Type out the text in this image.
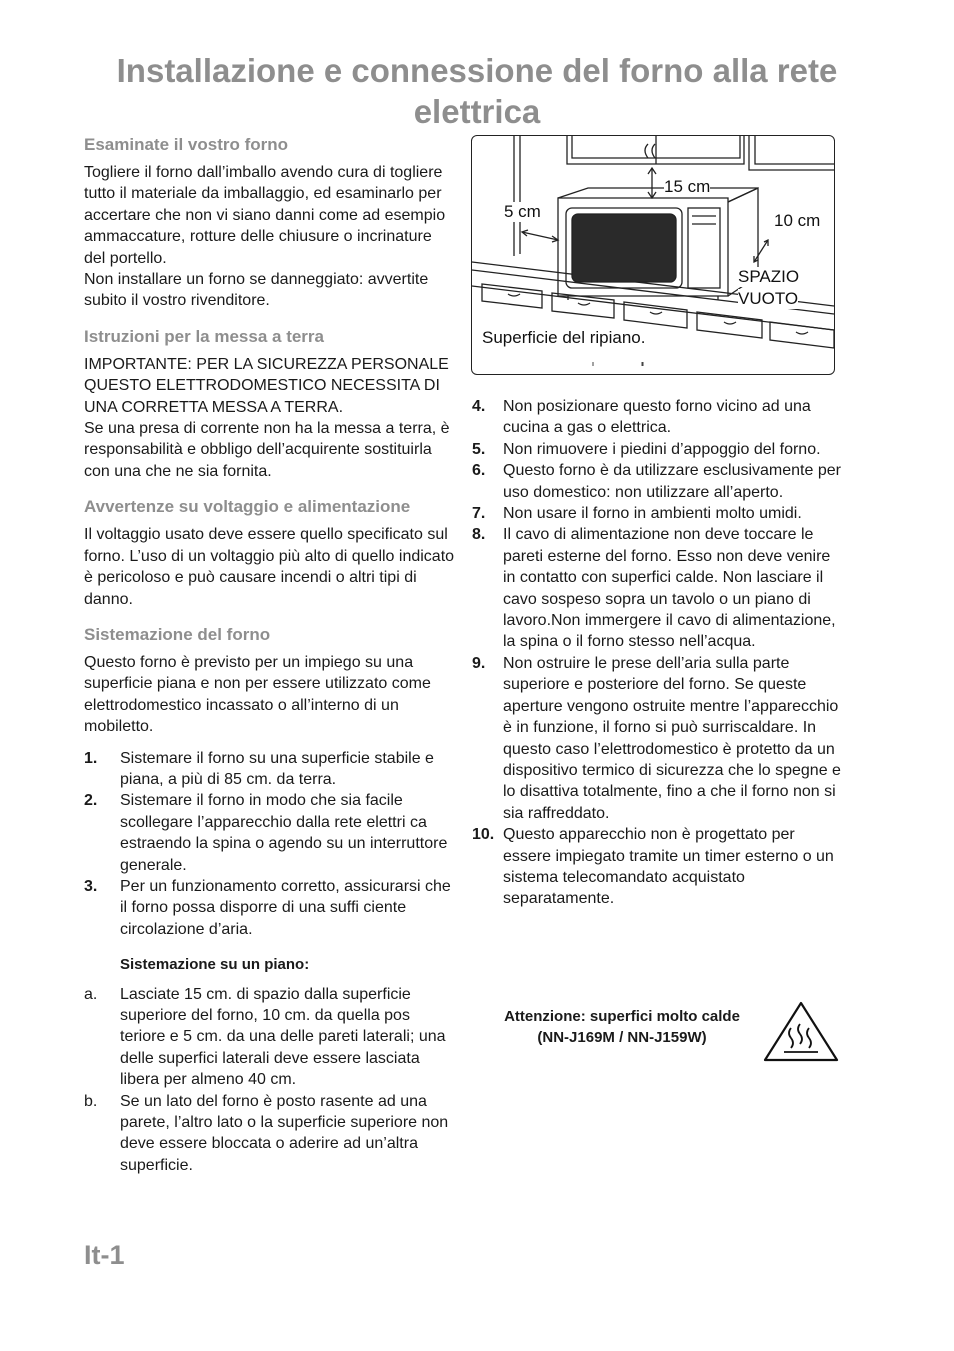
Installazione e connessione del forno alla rete elettrica
Esaminate il vostro forno

Togliere il forno dall’imballo avendo cura di togliere tutto il materiale da imballaggio, ed esaminarlo per accertare che non vi siano danni come ad esempio ammaccature, rotture delle chiusure o incrinature del portello.

Non installare un forno se danneggiato: avvertite subito il vostro rivenditore.

Istruzioni per la messa a terra

IMPORTANTE: PER LA SICUREZZA PERSONALE QUESTO ELETTRODOMESTICO NECESSITA DI UNA CORRETTA MESSA A TERRA.

Se una presa di corrente non ha la messa a terra, è responsabilità e obbligo dell’acquirente sostituirla con una che ne sia fornita.

Avvertenze su voltaggio e alimentazione

Il voltaggio usato deve essere quello specificato sul forno. L’uso di un voltaggio più alto di quello indicato è pericoloso e può causare incendi o altri tipi di danno.

Sistemazione del forno

Questo forno è previsto per un impiego su una superficie piana e non per essere utilizzato come elettrodomestico incassato o all’interno di un mobiletto.

1.	Sistemare il forno su una superficie stabile e piana, a più di 85 cm. da terra.
2.	Sistemare il forno in modo che sia facile scollegare l’apparecchio dalla rete elettri ca estraendo la spina o agendo su un interruttore generale.
3.	Per un funzionamento corretto, assicurarsi che il forno possa disporre di una suffi ciente circolazione d’aria.
Sistemazione su un piano:
a.	Lasciate 15 cm. di spazio dalla superficie superiore del forno, 10 cm. da quella pos teriore e 5 cm. da una delle pareti laterali; una delle superfici laterali deve essere lasciata libera per almeno 40 cm.
b.	Se un lato del forno è posto rasente ad una parete, l’altro lato o la superficie superiore non deve essere bloccata o aderire ad un’altra superficie.
15 cm
5 cm	10 cm
SPAZIO
VUOTO
Superficie del ripiano.
4.	Non posizionare questo forno vicino ad una cucina a gas o elettrica.
5.	Non rimuovere i piedini d’appoggio del forno.
6.	Questo forno è da utilizzare esclusivamente per uso domestico: non utilizzare all’aperto.
7.	Non usare il forno in ambienti molto umidi.
8.	Il cavo di alimentazione non deve toccare le pareti esterne del forno. Esso non deve venire in contatto con superfici calde. Non lasciare il cavo sospeso sopra un tavolo o un piano di lavoro.Non immergere il cavo di alimentazione, la spina o il forno stesso nell’acqua.
9.	Non ostruire le prese dell’aria sulla parte superiore e posteriore del forno. Se queste aperture vengono ostruite mentre l’apparecchio è in funzione, il forno si può surriscaldare. In questo caso l’elettrodomestico è protetto da un dispositivo termico di sicurezza che lo spegne e lo disattiva totalmente, fino a che il forno non si sia raffreddato.
10. Questo apparecchio non è progettato per essere impiegato tramite un timer esterno o un sistema telecomandato acquistato separatamente.
Attenzione: superfici molto calde
(NN-J169M / NN-J159W)
It-1
